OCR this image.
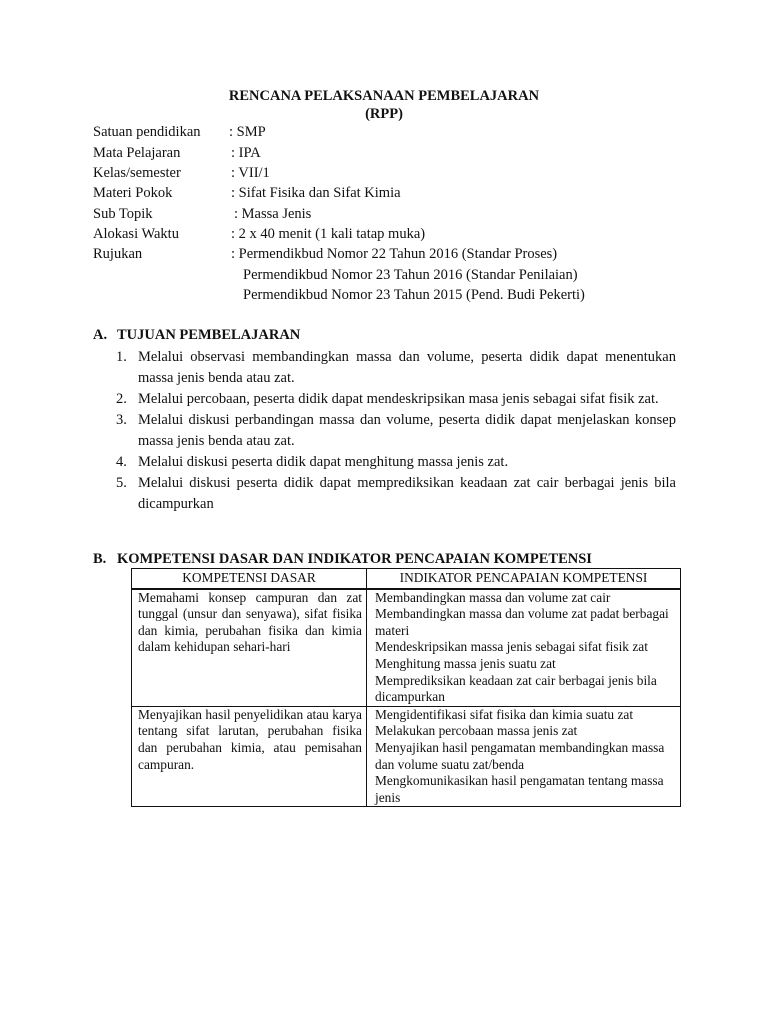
RENCANA PELAKSANAAN PEMBELAJARAN
(RPP)
Satuan pendidikan : SMP
Mata Pelajaran	: IPA
Kelas/semester	: VII/1
Materi Pokok	: Sifat Fisika dan Sifat Kimia
Sub Topik	: Massa Jenis
Alokasi Waktu	: 2 x 40 menit (1 kali tatap muka)
Rujukan	: Permendikbud Nomor 22 Tahun 2016 (Standar Proses)
Permendikbud Nomor 23 Tahun 2016 (Standar Penilaian)
Permendikbud Nomor 23 Tahun 2015 (Pend. Budi Pekerti)
A. TUJUAN PEMBELAJARAN
1. Melalui observasi membandingkan massa dan volume, peserta didik dapat menentukan massa jenis benda atau zat.
2. Melalui percobaan, peserta didik dapat mendeskripsikan masa jenis sebagai sifat fisik zat.
3. Melalui diskusi perbandingan massa dan volume, peserta didik dapat menjelaskan konsep massa jenis benda atau zat.
4. Melalui diskusi peserta didik dapat menghitung massa jenis zat.
5. Melalui diskusi peserta didik dapat memprediksikan keadaan zat cair berbagai jenis bila dicampurkan
B. KOMPETENSI DASAR DAN INDIKATOR PENCAPAIAN KOMPETENSI
KOMPETENSI DASAR	INDIKATOR PENCAPAIAN KOMPETENSI

Memahami konsep campuran dan zat tunggal (unsur dan senyawa), sifat fisika dan kimia, perubahan fisika dan kimia dalam kehidupan sehari-hari	Membandingkan massa dan volume zat cair
Membandingkan massa dan volume zat padat berbagai materi
Mendeskripsikan massa jenis sebagai sifat fisik zat
Menghitung massa jenis suatu zat
Memprediksikan keadaan zat cair berbagai jenis bila dicampurkan

Menyajikan hasil penyelidikan atau karya tentang sifat larutan, perubahan fisika dan perubahan kimia, atau pemisahan campuran.	Mengidentifikasi sifat fisika dan kimia suatu zat
Melakukan percobaan massa jenis zat
Menyajikan hasil pengamatan membandingkan massa dan volume suatu zat/benda
Mengkomunikasikan hasil pengamatan tentang massa jenis
